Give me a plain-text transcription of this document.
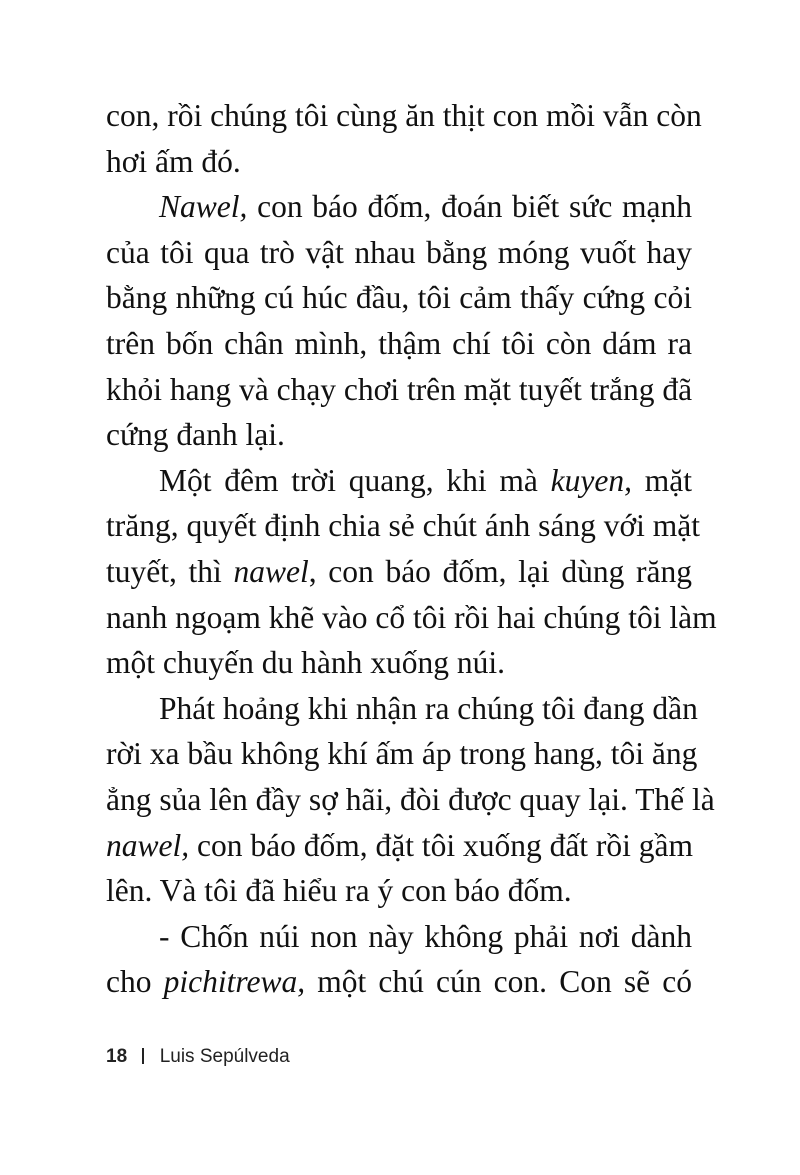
con, rồi chúng tôi cùng ăn thịt con mồi vẫn còn
hơi ấm đó.
Nawel, con báo đốm, đoán biết sức mạnh
của tôi qua trò vật nhau bằng móng vuốt hay
bằng những cú húc đầu, tôi cảm thấy cứng cỏi
trên bốn chân mình, thậm chí tôi còn dám ra
khỏi hang và chạy chơi trên mặt tuyết trắng đã
cứng đanh lại.
Một đêm trời quang, khi mà kuyen, mặt
trăng, quyết định chia sẻ chút ánh sáng với mặt
tuyết, thì nawel, con báo đốm, lại dùng răng
nanh ngoạm khẽ vào cổ tôi rồi hai chúng tôi làm
một chuyến du hành xuống núi.
Phát hoảng khi nhận ra chúng tôi đang dần
rời xa bầu không khí ấm áp trong hang, tôi ăng
ẳng sủa lên đầy sợ hãi, đòi được quay lại. Thế là
nawel, con báo đốm, đặt tôi xuống đất rồi gầm
lên. Và tôi đã hiểu ra ý con báo đốm.
- Chốn núi non này không phải nơi dành
cho pichitrewa, một chú cún con. Con sẽ có
18 Luis Sepúlveda
